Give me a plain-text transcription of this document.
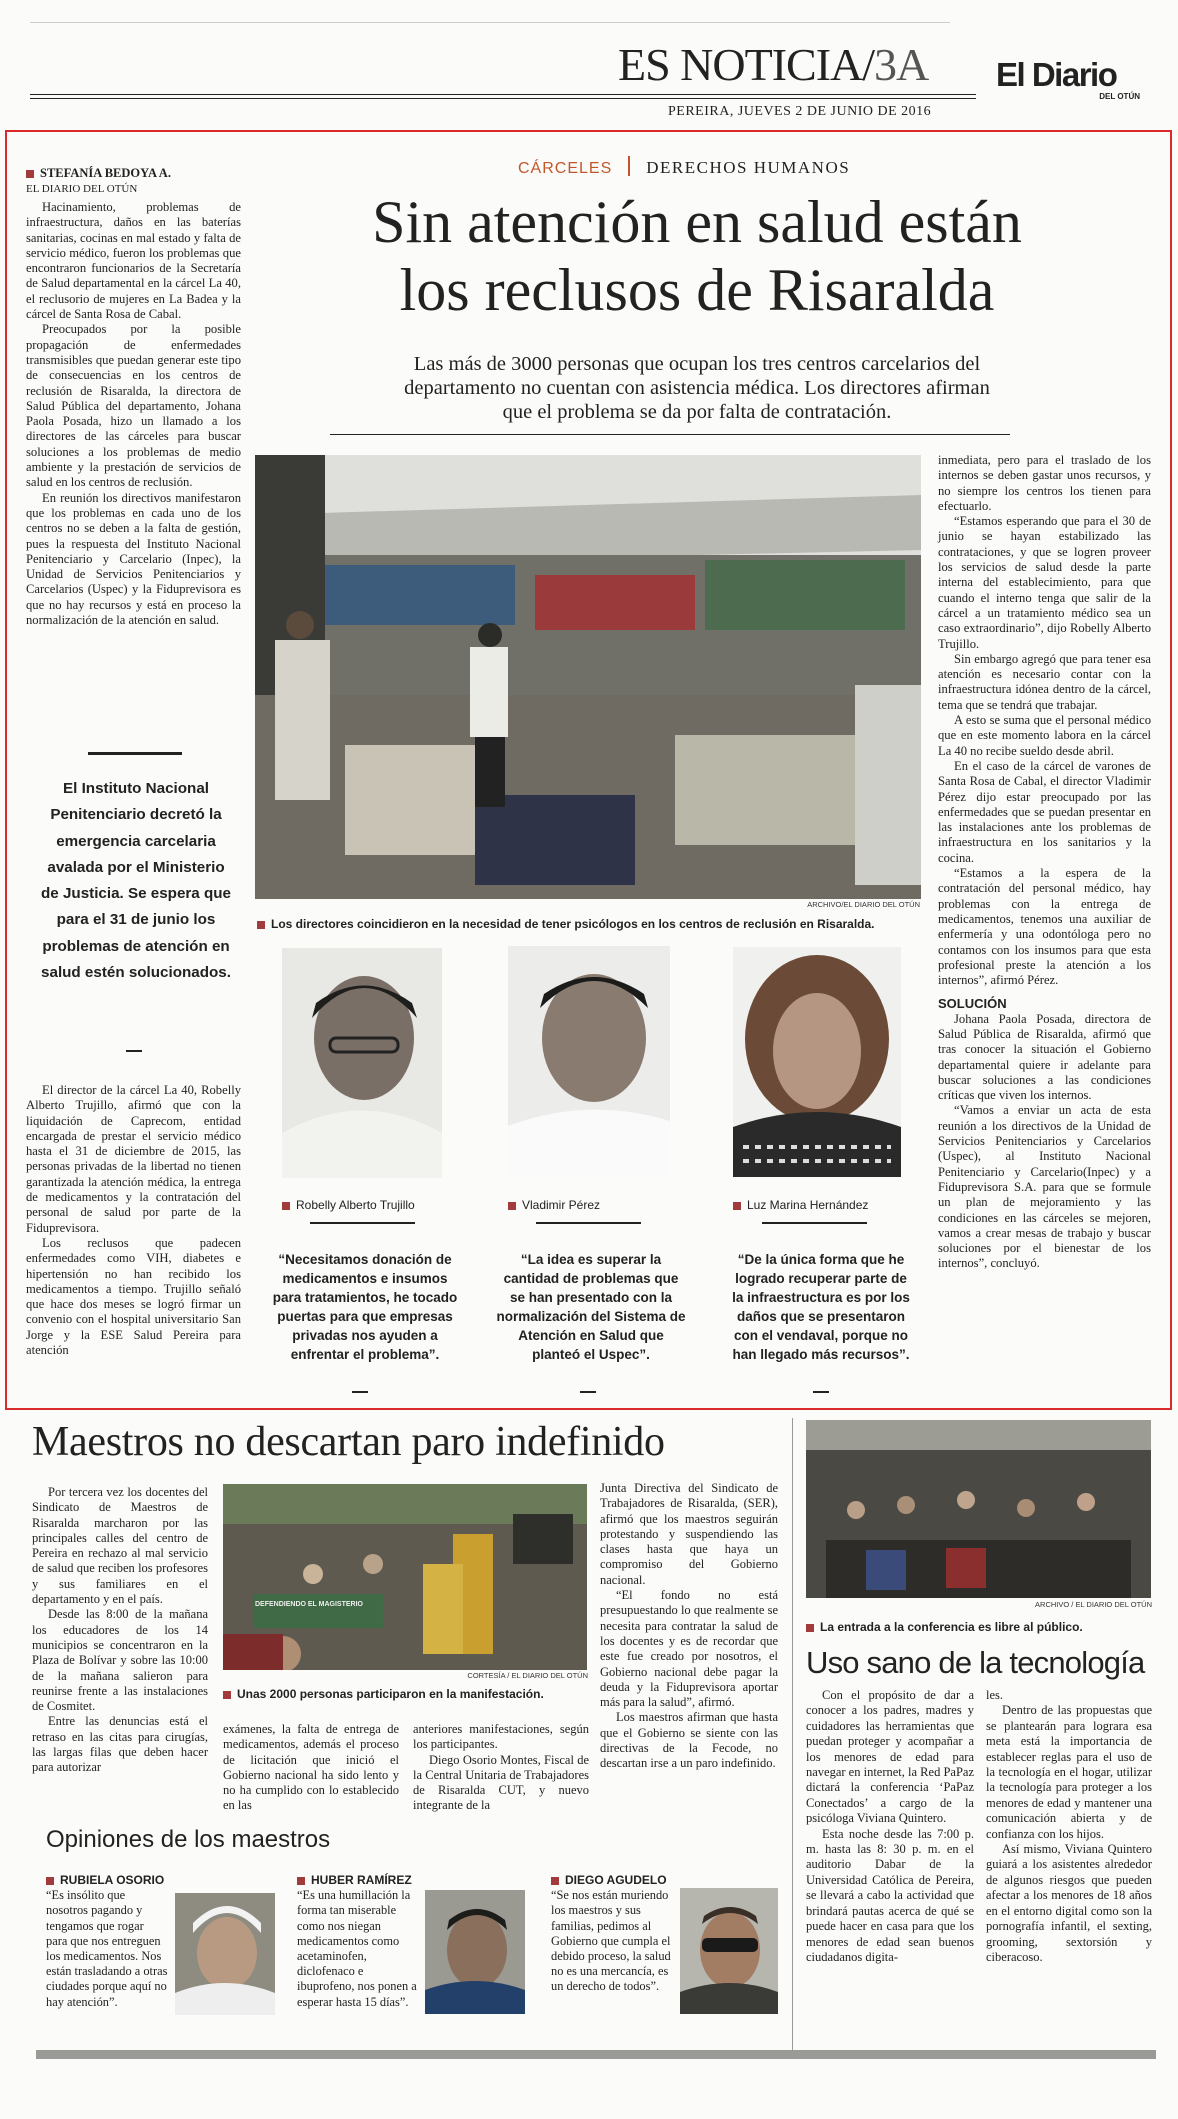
ES NOTICIA/3A
PEREIRA, JUEVES 2 DE JUNIO DE 2016
El Diario
DEL OTÚN
CÁRCELES DERECHOS HUMANOS
Sin atención en salud están
los reclusos de Risaralda
Las más de 3000 personas que ocupan los tres centros carcelarios del
departamento no cuentan con asistencia médica. Los directores afirman
que el problema se da por falta de contratación.
STEFANÍA BEDOYA A.
EL DIARIO DEL OTÚN

Hacinamiento, problemas de infraestructura, daños en las baterías sanitarias, cocinas en mal estado y falta de servicio médico, fueron los problemas que encontraron funcionarios de la Secretaría de Salud departamental en la cárcel La 40, el reclusorio de mujeres en La Badea y la cárcel de Santa Rosa de Cabal.

Preocupados por la posible propagación de enfermedades transmisibles que puedan generar este tipo de consecuencias en los centros de reclusión de Risaralda, la directora de Salud Pública del departamento, Johana Paola Posada, hizo un llamado a los directores de las cárceles para buscar soluciones a los problemas de medio ambiente y la prestación de servicios de salud en los centros de reclusión.

En reunión los directivos manifestaron que los problemas en cada uno de los centros no se deben a la falta de gestión, pues la respuesta del Instituto Nacional Penitenciario y Carcelario (Inpec), la Unidad de Servicios Penitenciarios y Carcelarios (Uspec) y la Fiduprevisora es que no hay recursos y está en proceso la normalización de la atención en salud.

El Instituto Nacional Penitenciario decretó la emergencia carcelaria avalada por el Ministerio de Justicia. Se espera que para el 31 de junio los problemas de atención en salud estén solucionados.

El director de la cárcel La 40, Robelly Alberto Trujillo, afirmó que con la liquidación de Caprecom, entidad encargada de prestar el servicio médico hasta el 31 de diciembre de 2015, las personas privadas de la libertad no tienen garantizada la atención médica, la entrega de medicamentos y la contratación del personal de salud por parte de la Fiduprevisora.

Los reclusos que padecen enfermedades como VIH, diabetes e hipertensión no han recibido los medicamentos a tiempo. Trujillo señaló que hace dos meses se logró firmar un convenio con el hospital universitario San Jorge y la ESE Salud Pereira para atención

ARCHIVO/EL DIARIO DEL OTÚN
Los directores coincidieron en la necesidad de tener psicólogos en los centros de reclusión en Risaralda.
Robelly Alberto Trujillo	Vladimir Pérez	Luz Marina Hernández
“Necesitamos donación de medicamentos e insumos para tratamientos, he tocado puertas para que empresas privadas nos ayuden a enfrentar el problema”.
“La idea es superar la cantidad de problemas que se han presentado con la normalización del Sistema de Atención en Salud que planteó el Uspec”.
“De la única forma que he logrado recuperar parte de la infraestructura es por los daños que se presentaron con el vendaval, porque no han llegado más recursos”.

inmediata, pero para el traslado de los internos se deben gastar unos recursos, y no siempre los centros los tienen para efectuarlo.

“Estamos esperando que para el 30 de junio se hayan estabilizado las contrataciones, y que se logren proveer los servicios de salud desde la parte interna del establecimiento, para que cuando el interno tenga que salir de la cárcel a un tratamiento médico sea un caso extraordinario”, dijo Robelly Alberto Trujillo.

Sin embargo agregó que para tener esa atención es necesario contar con la infraestructura idónea dentro de la cárcel, tema que se tendrá que trabajar.

A esto se suma que el personal médico que en este momento labora en la cárcel La 40 no recibe sueldo desde abril.

En el caso de la cárcel de varones de Santa Rosa de Cabal, el director Vladimir Pérez dijo estar preocupado por las enfermedades que se puedan presentar en las instalaciones ante los problemas de infraestructura en los sanitarios y la cocina.

“Estamos a la espera de la contratación del personal médico, hay problemas con la entrega de medicamentos, tenemos una auxiliar de enfermería y una odontóloga pero no contamos con los insumos para que esta profesional preste la atención a los internos”, afirmó Pérez.

SOLUCIÓN

Johana Paola Posada, directora de Salud Pública de Risaralda, afirmó que tras conocer la situación el Gobierno departamental quiere ir adelante para buscar soluciones a las condiciones críticas que viven los internos.

“Vamos a enviar un acta de esta reunión a los directivos de la Unidad de Servicios Penitenciarios y Carcelarios (Uspec), al Instituto Nacional Penitenciario y Carcelario(Inpec) y a Fiduprevisora S.A. para que se formule un plan de mejoramiento y las condiciones en las cárceles se mejoren, vamos a crear mesas de trabajo y buscar soluciones por el bienestar de los internos”, concluyó.

Maestros no descartan paro indefinido

Por tercera vez los docentes del Sindicato de Maestros de Risaralda marcharon por las principales calles del centro de Pereira en rechazo al mal servicio de salud que reciben los profesores y sus familiares en el departamento y en el país.

Desde las 8:00 de la mañana los educadores de los 14 municipios se concentraron en la Plaza de Bolívar y sobre las 10:00 de la mañana salieron para reunirse frente a las instalaciones de Cosmitet.

Entre las denuncias está el retraso en las citas para cirugías, las largas filas que deben hacer para autorizar

DEFENDIENDO EL MAGISTERIO
CORTESÍA / EL DIARIO DEL OTÚN
Unas 2000 personas participaron en la manifestación.

exámenes, la falta de entrega de medicamentos, además el proceso de licitación que inició el Gobierno nacional ha sido lento y no ha cumplido con lo establecido en las

anteriores manifestaciones, según los participantes.

Diego Osorio Montes, Fiscal de la Central Unitaria de Trabajadores de Risaralda CUT, y nuevo integrante de la

Junta Directiva del Sindicato de Trabajadores de Risaralda, (SER), afirmó que los maestros seguirán protestando y suspendiendo las clases hasta que haya un compromiso del Gobierno nacional.

“El fondo no está presupuestando lo que realmente se necesita para contratar la salud de los docentes y es de recordar que este fue creado por nosotros, el Gobierno nacional debe pagar la deuda y la Fiduprevisora aportar más para la salud”, afirmó.

Los maestros afirman que hasta que el Gobierno se siente con las directivas de la Fecode, no descartan irse a un paro indefinido.

Opiniones de los maestros
RUBIELA OSORIO
“Es insólito que nosotros pagando y tengamos que rogar para que nos entreguen los medicamentos. Nos están trasladando a otras ciudades porque aquí no hay atención”.
HUBER RAMÍREZ
“Es una humillación la forma tan miserable como nos niegan medicamentos como acetaminofen, diclofenaco e ibuprofeno, nos ponen a esperar hasta 15 días”.
DIEGO AGUDELO
“Se nos están muriendo los maestros y sus familias, pedimos al Gobierno que cumpla el debido proceso, la salud no es una mercancía, es un derecho de todos”.
ARCHIVO / EL DIARIO DEL OTÚN
La entrada a la conferencia es libre al público.
Uso sano de la tecnología

Con el propósito de dar a conocer a los padres, madres y cuidadores las herramientas que puedan proteger y acompañar a los menores de edad para navegar en internet, la Red PaPaz dictará la conferencia ‘PaPaz Conectados’ a cargo de la psicóloga Viviana Quintero.

Esta noche desde las 7:00 p. m. hasta las 8: 30 p. m. en el auditorio Dabar de la Universidad Católica de Pereira, se llevará a cabo la actividad que brindará pautas acerca de qué se puede hacer en casa para que los menores de edad sean buenos ciudadanos digita-

les.

Dentro de las propuestas que se plantearán para lograra esa meta está la importancia de establecer reglas para el uso de la tecnología en el hogar, utilizar la tecnología para proteger a los menores de edad y mantener una comunicación abierta y de confianza con los hijos.

Así mismo, Viviana Quintero guiará a los asistentes alrededor de algunos riesgos que pueden afectar a los menores de 18 años en el entorno digital como son la pornografía infantil, el sexting, grooming, sextorsión y ciberacoso.
